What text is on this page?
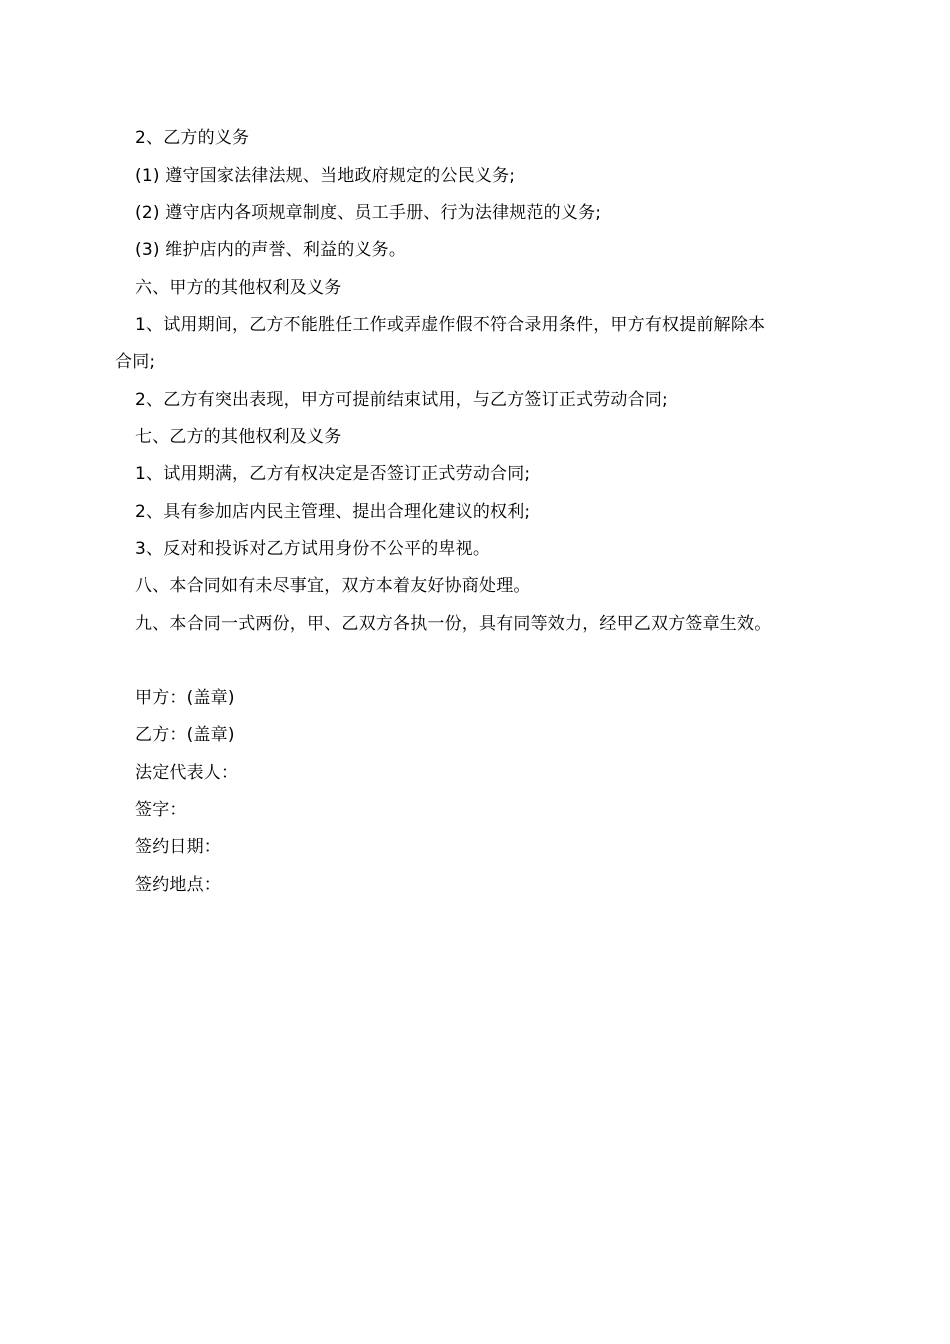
2、乙方的义务
(1) 遵守国家法律法规、当地政府规定的公民义务;
(2) 遵守店内各项规章制度、员工手册、行为法律规范的义务;
(3) 维护店内的声誉、利益的义务。
六、甲方的其他权利及义务
1、试用期间，乙方不能胜任工作或弄虚作假不符合录用条件，甲方有权提前解除本
合同;
2、乙方有突出表现，甲方可提前结束试用，与乙方签订正式劳动合同;
七、乙方的其他权利及义务
1、试用期满，乙方有权决定是否签订正式劳动合同;
2、具有参加店内民主管理、提出合理化建议的权利;
3、反对和投诉对乙方试用身份不公平的卑视。
八、本合同如有未尽事宜，双方本着友好协商处理。
九、本合同一式两份，甲、乙双方各执一份，具有同等效力，经甲乙双方签章生效。
甲方：(盖章)
乙方：(盖章)
法定代表人：
签字：
签约日期：
签约地点：
